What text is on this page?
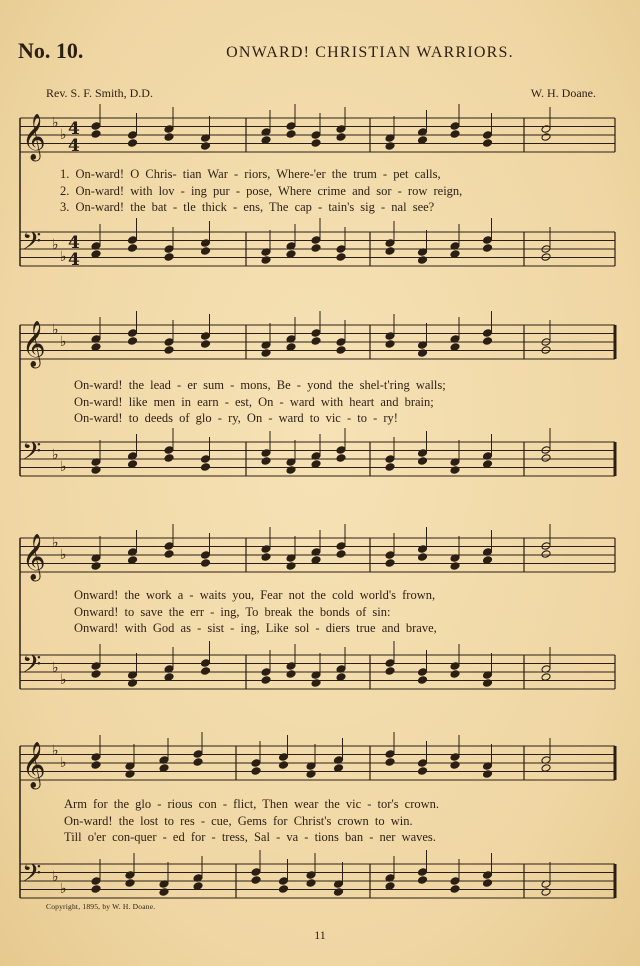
No. 10.	ONWARD! CHRISTIAN WARRIORS.
Rev. S. F. Smith, D.D.	W. H. Doane.
𝄞 ♭
♭ 4
4
𝄢 ♭
♭
4
4
𝄞 ♭
♭
𝄢 ♭
♭
𝄞 ♭
♭
𝄢 ♭
♭
𝄞 ♭
♭
𝄢 ♭
♭
1. On-ward! O Chris- tian War - riors, Where-'er the trum - pet calls,
2. On-ward! with lov - ing pur - pose, Where crime and sor - row reign,
3. On-ward! the bat - tle thick - ens, The cap - tain's sig - nal see?
On-ward! the lead - er sum - mons, Be - yond the shel-t'ring walls;
On-ward! like men in earn - est, On - ward with heart and brain;
On-ward! to deeds of glo - ry, On - ward to vic - to - ry!
Onward! the work a - waits you, Fear not the cold world's frown,
Onward! to save the err - ing, To break the bonds of sin:
Onward! with God as - sist - ing, Like sol - diers true and brave,
Arm for the glo - rious con - flict, Then wear the vic - tor's crown.
On-ward! the lost to res - cue, Gems for Christ's crown to win.
Till o'er con-quer - ed for - tress, Sal - va - tions ban - ner waves.
Copyright, 1895, by W. H. Doane.
11
